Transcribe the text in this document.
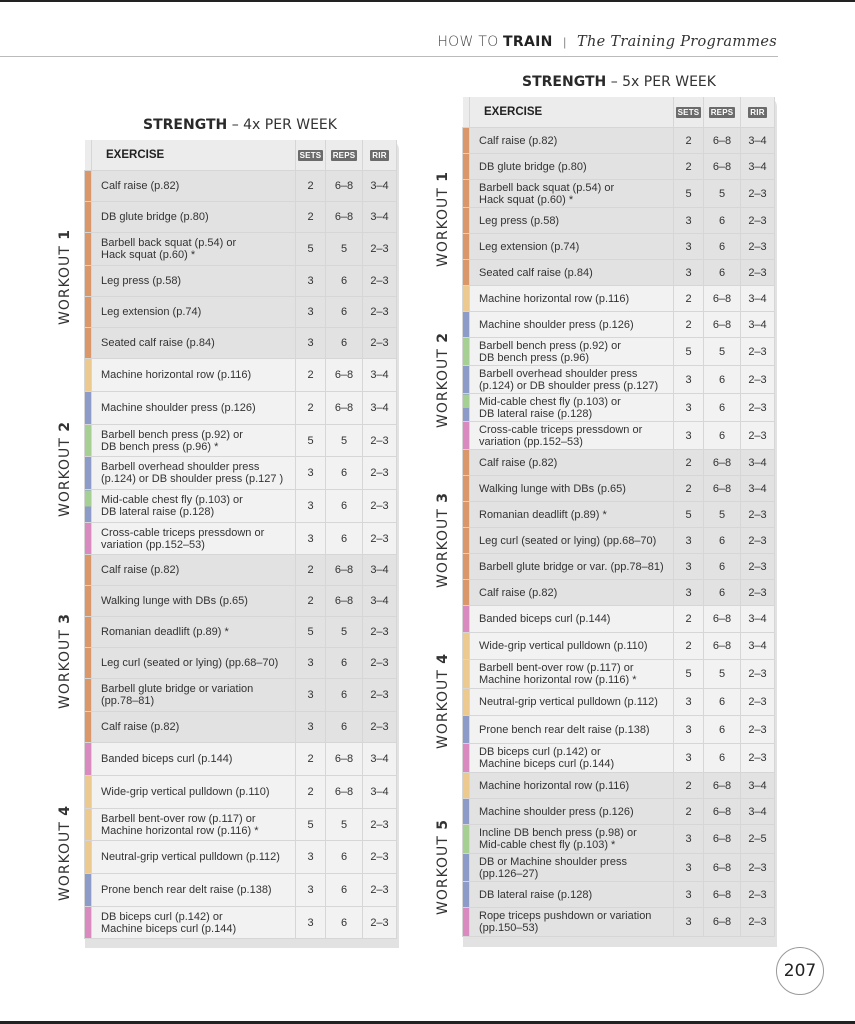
HOW TO TRAIN | The Training Programmes
STRENGTH – 4x PER WEEK
	EXERCISE	SETS	REPS	RIR
	Calf raise (p.82)	2	6–8	3–4
	DB glute bridge (p.80)	2	6–8	3–4
	Barbell back squat (p.54) or
Hack squat (p.60) *	5	5	2–3
	Leg press (p.58)	3	6	2–3
	Leg extension (p.74)	3	6	2–3
	Seated calf raise (p.84)	3	6	2–3
	Machine horizontal row (p.116)	2	6–8	3–4
	Machine shoulder press (p.126)	2	6–8	3–4
	Barbell bench press (p.92) or
DB bench press (p.96) *	5	5	2–3
	Barbell overhead shoulder press
(p.124) or DB shoulder press (p.127 )	3	6	2–3
	Mid-cable chest fly (p.103) or
DB lateral raise (p.128)	3	6	2–3
	Cross-cable triceps pressdown or
variation (pp.152–53)	3	6	2–3
	Calf raise (p.82)	2	6–8	3–4
	Walking lunge with DBs (p.65)	2	6–8	3–4
	Romanian deadlift (p.89) *	5	5	2–3
	Leg curl (seated or lying) (pp.68–70)	3	6	2–3
	Barbell glute bridge or variation
(pp.78–81)	3	6	2–3
	Calf raise (p.82)	3	6	2–3
	Banded biceps curl (p.144)	2	6–8	3–4
	Wide-grip vertical pulldown (p.110)	2	6–8	3–4
	Barbell bent-over row (p.117) or
Machine horizontal row (p.116) *	5	5	2–3
	Neutral-grip vertical pulldown (p.112)	3	6	2–3
	Prone bench rear delt raise (p.138)	3	6	2–3
	DB biceps curl (p.142) or
Machine biceps curl (p.144)	3	6	2–3
STRENGTH – 5x PER WEEK
	EXERCISE	SETS	REPS	RIR
	Calf raise (p.82)	2	6–8	3–4
	DB glute bridge (p.80)	2	6–8	3–4
	Barbell back squat (p.54) or
Hack squat (p.60) *	5	5	2–3
	Leg press (p.58)	3	6	2–3
	Leg extension (p.74)	3	6	2–3
	Seated calf raise (p.84)	3	6	2–3
	Machine horizontal row (p.116)	2	6–8	3–4
	Machine shoulder press (p.126)	2	6–8	3–4
	Barbell bench press (p.92) or
DB bench press (p.96)	5	5	2–3
	Barbell overhead shoulder press
(p.124) or DB shoulder press (p.127)	3	6	2–3
	Mid-cable chest fly (p.103) or
DB lateral raise (p.128)	3	6	2–3
	Cross-cable triceps pressdown or
variation (pp.152–53)	3	6	2–3
	Calf raise (p.82)	2	6–8	3–4
	Walking lunge with DBs (p.65)	2	6–8	3–4
	Romanian deadlift (p.89) *	5	5	2–3
	Leg curl (seated or lying) (pp.68–70)	3	6	2–3
	Barbell glute bridge or var. (pp.78–81)	3	6	2–3
	Calf raise (p.82)	3	6	2–3
	Banded biceps curl (p.144)	2	6–8	3–4
	Wide-grip vertical pulldown (p.110)	2	6–8	3–4
	Barbell bent-over row (p.117) or
Machine horizontal row (p.116) *	5	5	2–3
	Neutral-grip vertical pulldown (p.112)	3	6	2–3
	Prone bench rear delt raise (p.138)	3	6	2–3
	DB biceps curl (p.142) or
Machine biceps curl (p.144)	3	6	2–3
	Machine horizontal row (p.116)	2	6–8	3–4
	Machine shoulder press (p.126)	2	6–8	3–4
	Incline DB bench press (p.98) or
Mid-cable chest fly (p.103) *	3	6–8	2–5
	DB or Machine shoulder press
(pp.126–27)	3	6–8	2–3
	DB lateral raise (p.128)	3	6–8	2–3
	Rope triceps pushdown or variation
(pp.150–53)	3	6–8	2–3
WORKOUT 1
WORKOUT 2
WORKOUT 3
WORKOUT 4
WORKOUT 1
WORKOUT 2
WORKOUT 3
WORKOUT 4
WORKOUT 5
207
